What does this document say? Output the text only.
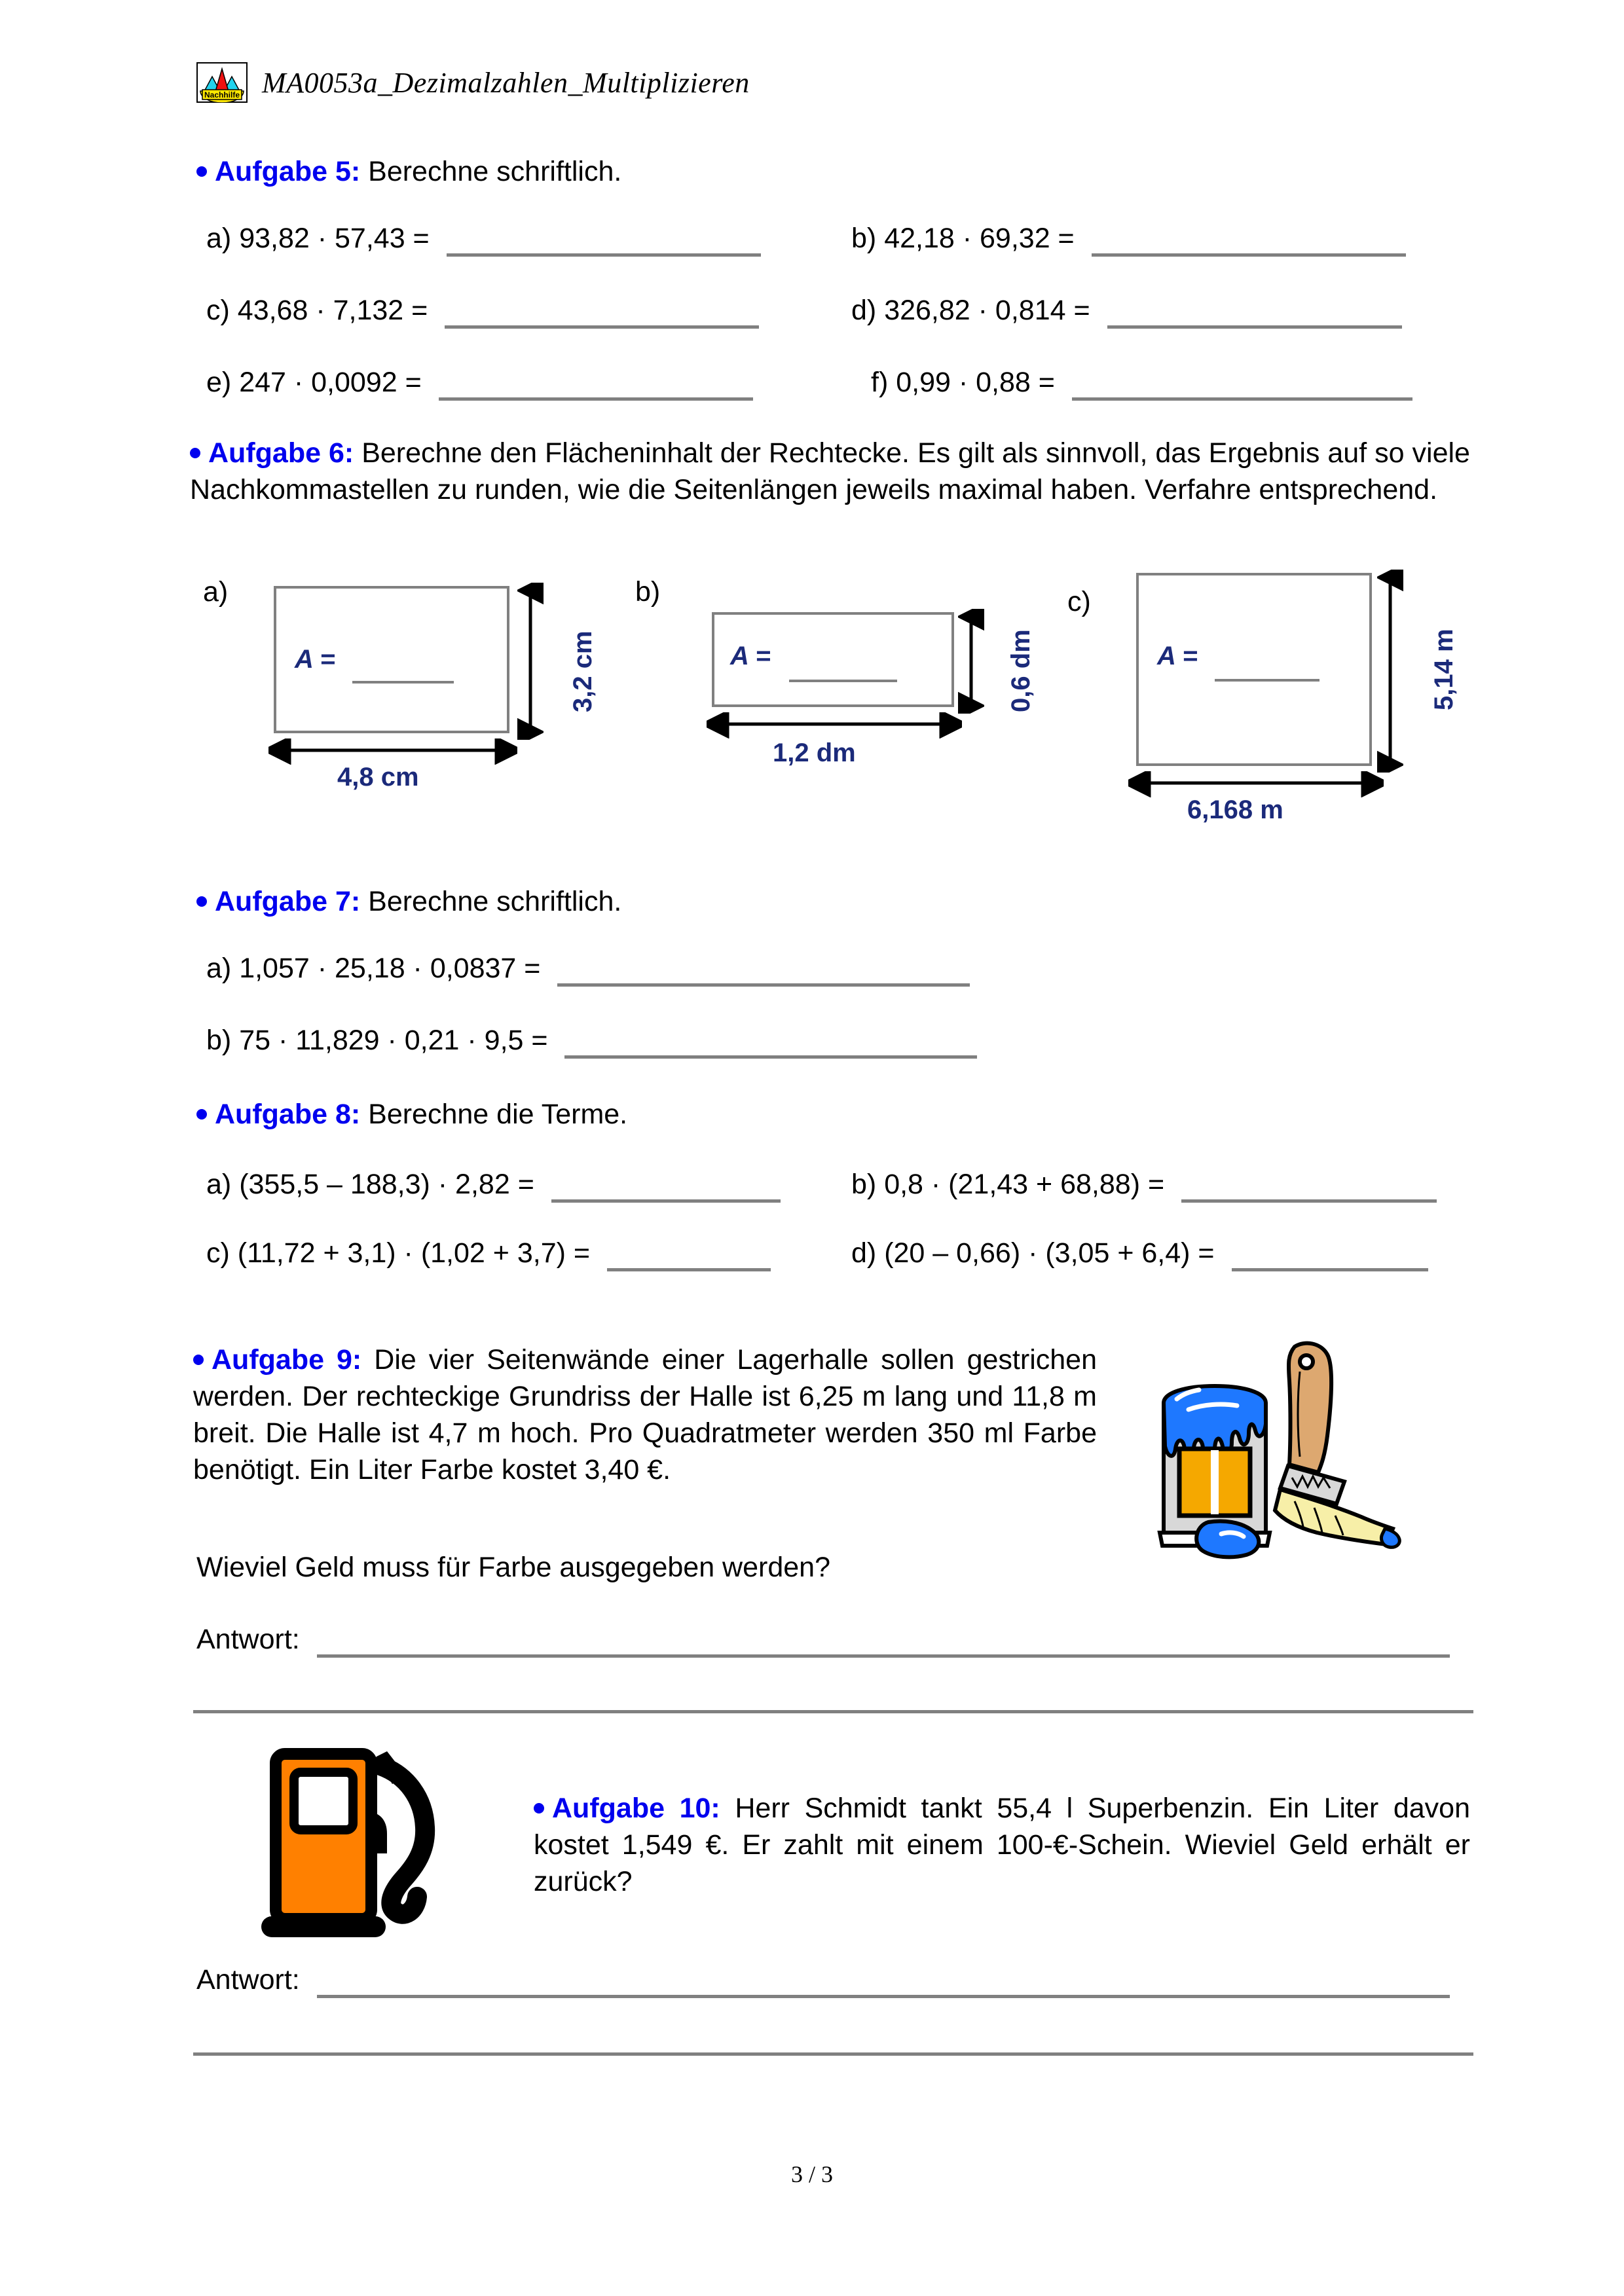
Nachhilfe MA0053a_Dezimalzahlen_Multiplizieren
Aufgabe 5: Berechne schriftlich.
a) 93,82 · 57,43 =	b) 42,18 · 69,32 =
c) 43,68 · 7,132 =	d) 326,82 · 0,814 =
e) 247 · 0,0092 =	f) 0,99 · 0,88 =
Aufgabe 6: Berechne den Flächeninhalt der Rechtecke. Es gilt als sinnvoll, das Ergebnis auf so viele Nachkommastellen zu runden, wie die Seitenlängen jeweils maximal haben. Verfahre entsprechend.
a)
A =	3,2 cm
4,8 cm
b)
A =	0,6 dm
1,2 dm
c)
A =	5,14 m
6,168 m
Aufgabe 7: Berechne schriftlich.
a) 1,057 · 25,18 · 0,0837 =
b) 75 · 11,829 · 0,21 · 9,5 =
Aufgabe 8: Berechne die Terme.
a) (355,5 – 188,3) · 2,82 =	b) 0,8 · (21,43 + 68,88) =
c) (11,72 + 3,1) · (1,02 + 3,7) =	d) (20 – 0,66) · (3,05 + 6,4) =
Aufgabe 9: Die vier Seitenwände einer Lagerhalle sollen gestrichen werden. Der rechteckige Grundriss der Halle ist 6,25 m lang und 11,8 m breit. Die Halle ist 4,7 m hoch. Pro Quadratmeter werden 350 ml Farbe benötigt. Ein Liter Farbe kostet 3,40 €.
Wieviel Geld muss für Farbe ausgegeben werden?
Antwort:
Aufgabe 10: Herr Schmidt tankt 55,4 l Superbenzin. Ein Liter davon kostet 1,549 €. Er zahlt mit einem 100-€-Schein. Wieviel Geld erhält er zurück?
Antwort:
3 / 3
